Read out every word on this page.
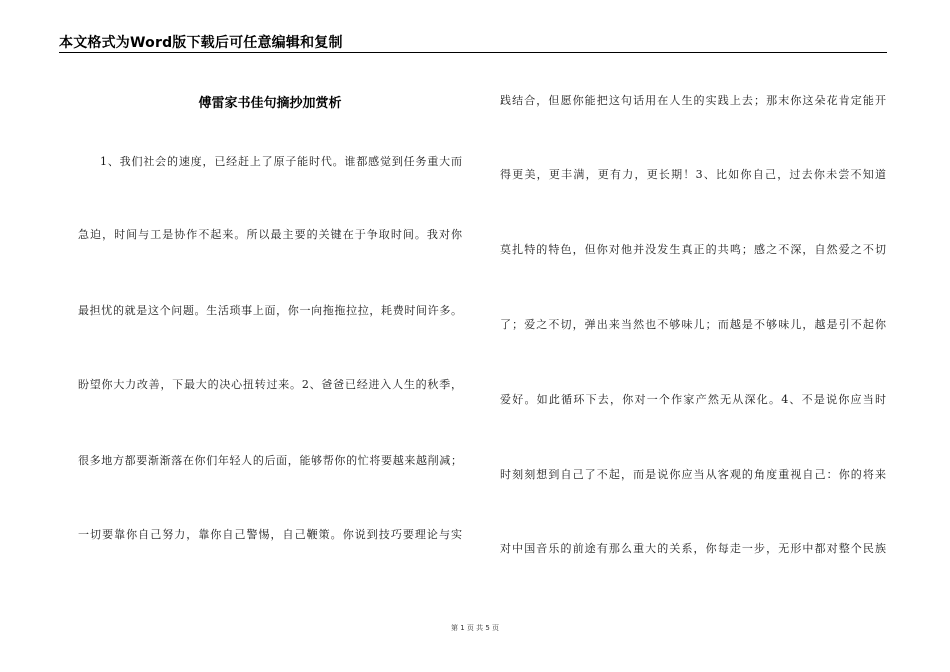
本文格式为Word版下载后可任意编辑和复制
傅雷家书佳句摘抄加赏析
1、我们社会的速度，已经赶上了原子能时代。谁都感觉到任务重大而
急迫，时间与工是协作不起来。所以最主要的关键在于争取时间。我对你
最担忧的就是这个问题。生活琐事上面，你一向拖拖拉拉，耗费时间许多。
盼望你大力改善，下最大的决心扭转过来。2、爸爸已经进入人生的秋季，
很多地方都要渐渐落在你们年轻人的后面，能够帮你的忙将要越来越削减；
一切要靠你自己努力，靠你自己警惕，自己鞭策。你说到技巧要理论与实
践结合，但愿你能把这句话用在人生的实践上去；那末你这朵花肯定能开
得更美，更丰满，更有力，更长期！3、比如你自己，过去你未尝不知道
莫扎特的特色，但你对他并没发生真正的共鸣；感之不深，自然爱之不切
了；爱之不切，弹出来当然也不够味儿；而越是不够味儿，越是引不起你
爱好。如此循环下去，你对一个作家产然无从深化。4、不是说你应当时
时刻刻想到自己了不起，而是说你应当从客观的角度重视自己：你的将来
对中国音乐的前途有那么重大的关系，你每走一步，无形中都对整个民族
第 1 页 共 5 页
